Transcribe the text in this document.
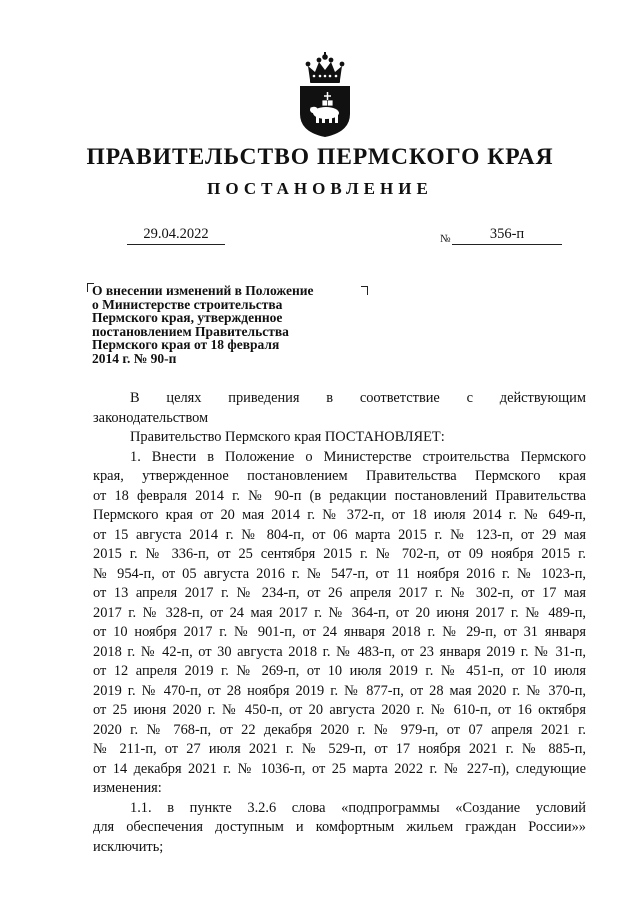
ПРАВИТЕЛЬСТВО ПЕРМСКОГО КРАЯ
ПОСТАНОВЛЕНИЕ
29.04.2022	№	356-п
О внесении изменений в Положение
о Министерстве строительства
Пермского края, утвержденное
постановлением Правительства
Пермского края от 18 февраля
2014 г. № 90-п
В целях приведения в соответствие с действующим
законодательством
Правительство Пермского края ПОСТАНОВЛЯЕТ:
1. Внести в Положение о Министерстве строительства Пермского
края, утвержденное постановлением Правительства Пермского края
от 18 февраля 2014 г. № 90-п (в редакции постановлений Правительства
Пермского края от 20 мая 2014 г. № 372-п, от 18 июля 2014 г. № 649-п,
от 15 августа 2014 г. № 804-п, от 06 марта 2015 г. № 123-п, от 29 мая
2015 г. № 336-п, от 25 сентября 2015 г. № 702-п, от 09 ноября 2015 г.
№ 954-п, от 05 августа 2016 г. № 547-п, от 11 ноября 2016 г. № 1023-п,
от 13 апреля 2017 г. № 234-п, от 26 апреля 2017 г. № 302-п, от 17 мая
2017 г. № 328-п, от 24 мая 2017 г. № 364-п, от 20 июня 2017 г. № 489-п,
от 10 ноября 2017 г. № 901-п, от 24 января 2018 г. № 29-п, от 31 января
2018 г. № 42-п, от 30 августа 2018 г. № 483-п, от 23 января 2019 г. № 31-п,
от 12 апреля 2019 г. № 269-п, от 10 июля 2019 г. № 451-п, от 10 июля
2019 г. № 470-п, от 28 ноября 2019 г. № 877-п, от 28 мая 2020 г. № 370-п,
от 25 июня 2020 г. № 450-п, от 20 августа 2020 г. № 610-п, от 16 октября
2020 г. № 768-п, от 22 декабря 2020 г. № 979-п, от 07 апреля 2021 г.
№ 211-п, от 27 июля 2021 г. № 529-п, от 17 ноября 2021 г. № 885-п,
от 14 декабря 2021 г. № 1036-п, от 25 марта 2022 г. № 227-п), следующие
изменения:
1.1. в пункте 3.2.6 слова «подпрограммы «Создание условий
для обеспечения доступным и комфортным жильем граждан России»»
исключить;
